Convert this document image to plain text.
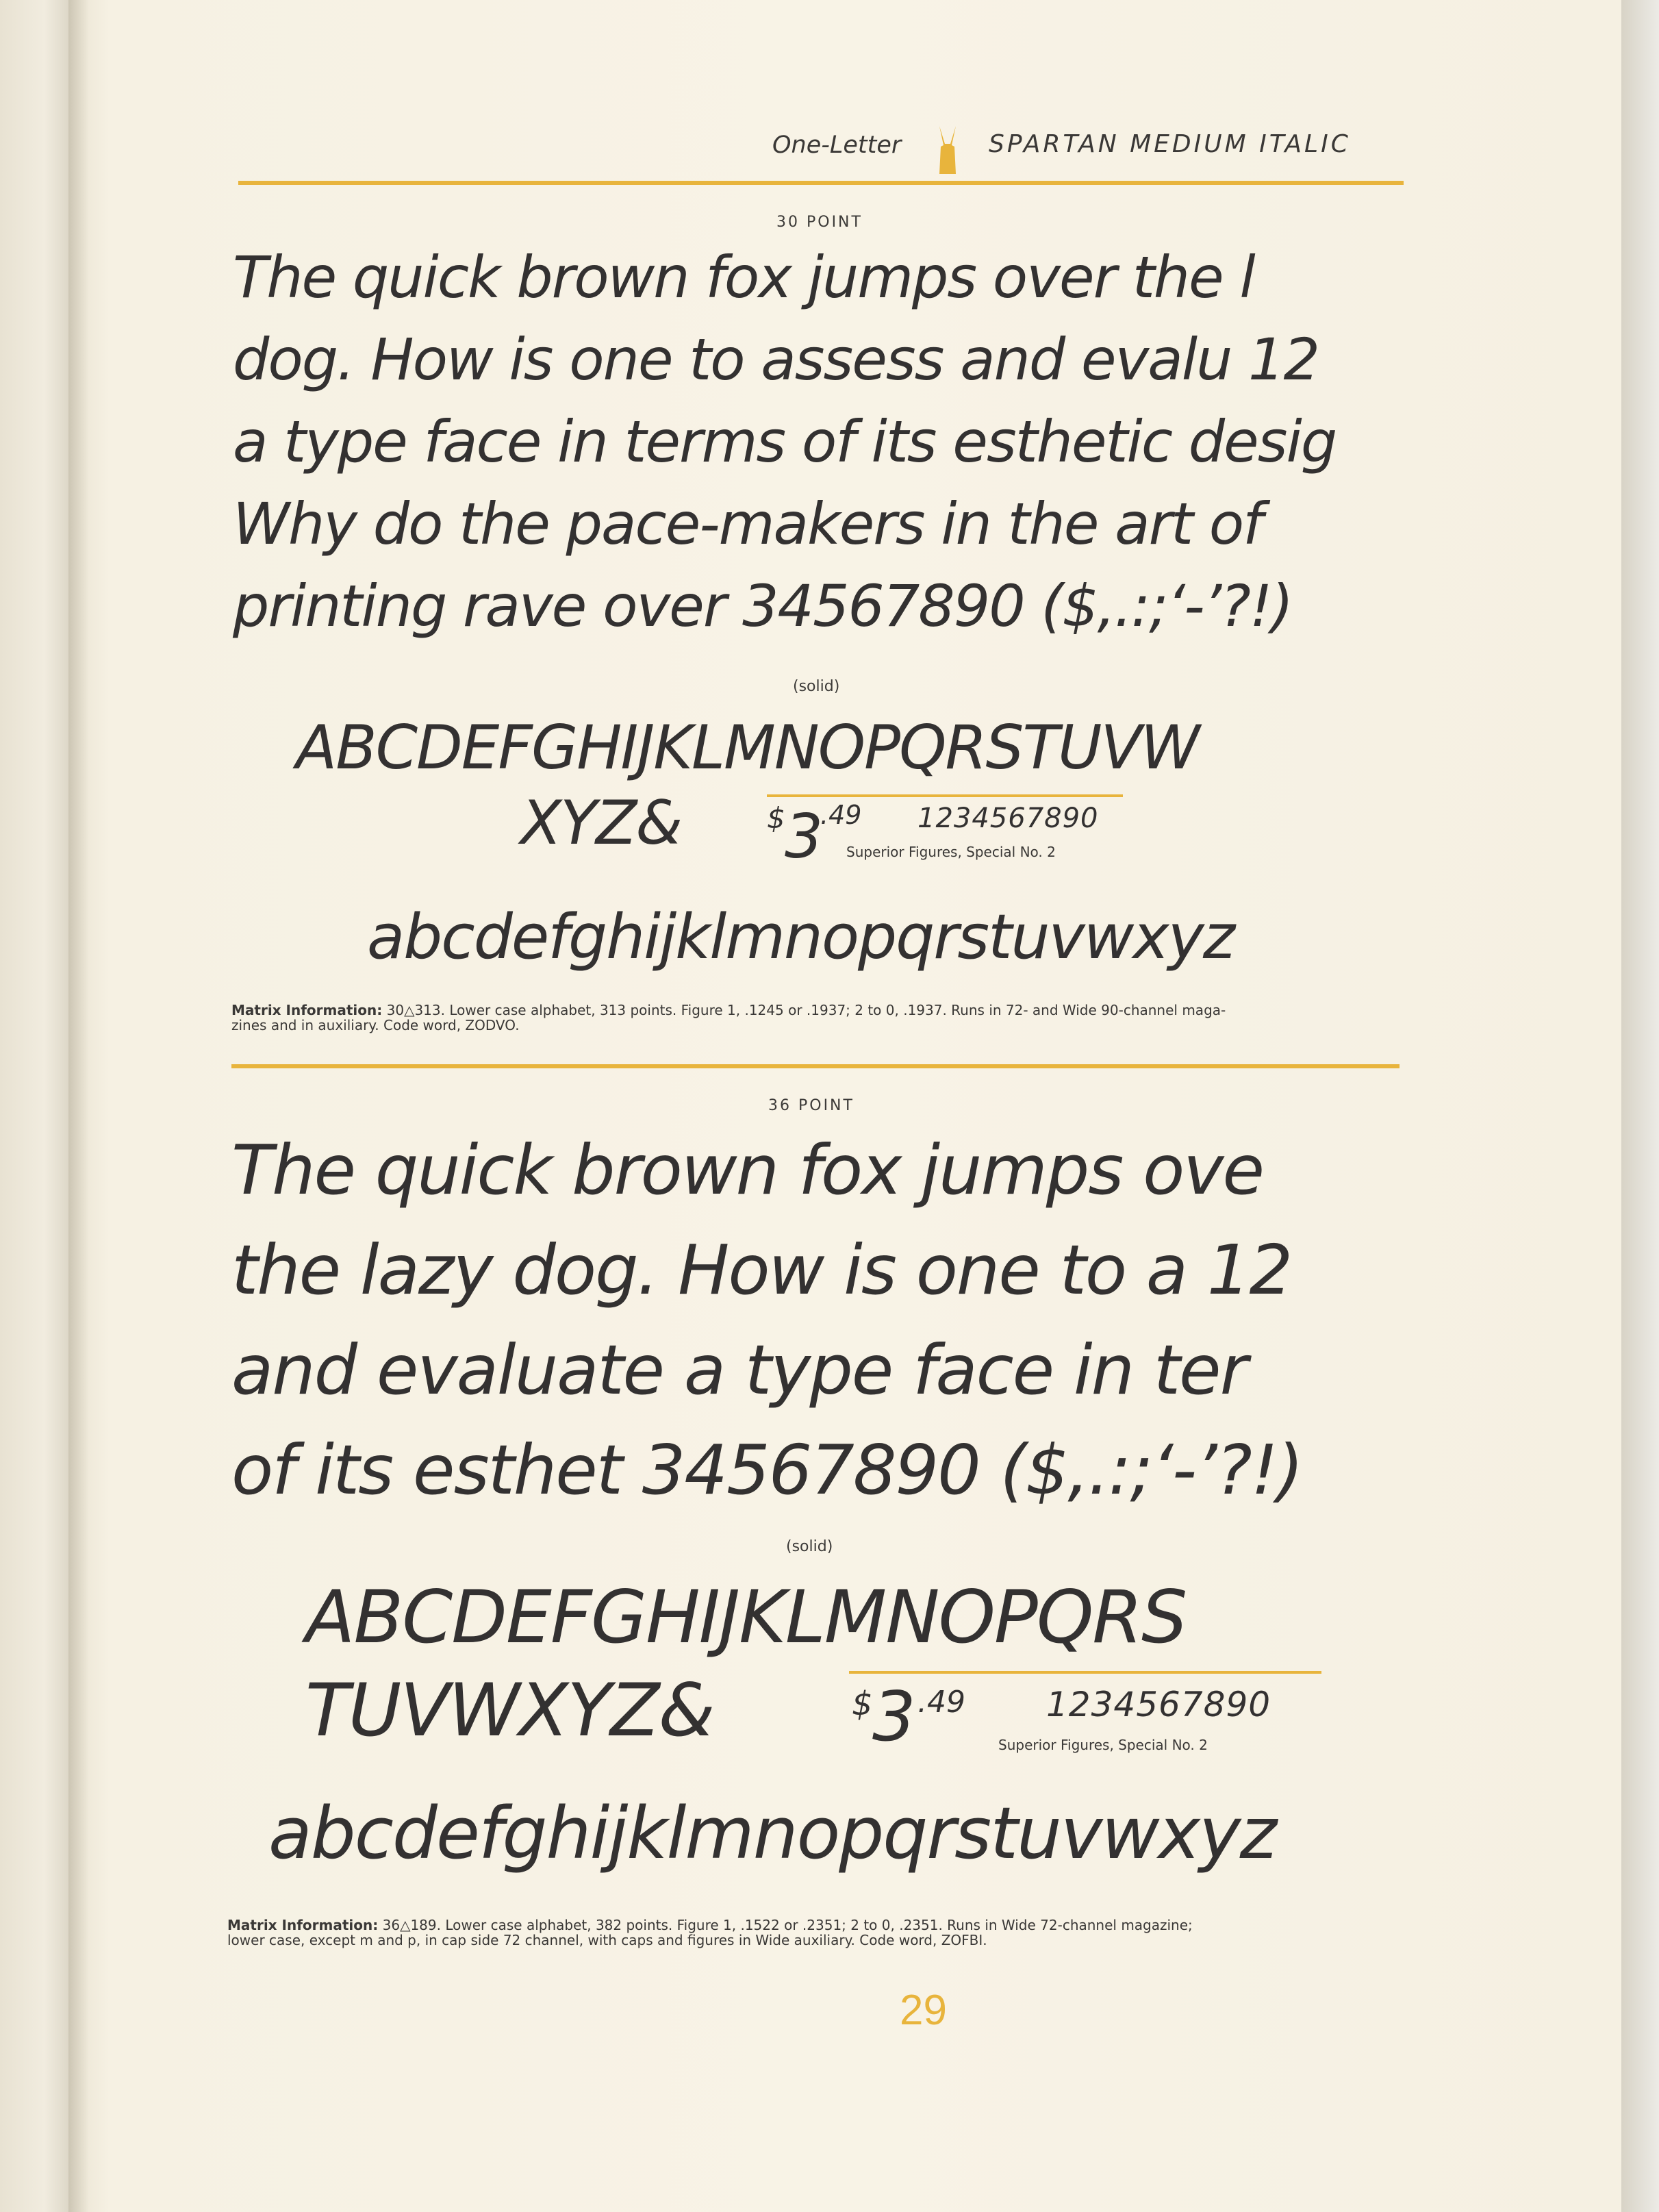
One-Letter	SPARTAN MEDIUM ITALIC
30 POINT
The quick brown fox jumps over the l
dog. How is one to assess and evalu 12
a type face in terms of its esthetic desig
Why do the pace-makers in the art of
printing rave over 34567890 ($,.:;‘-’?!)
(solid)
ABCDEFGHIJKLMNOPQRSTUVW
XYZ&	$ 3
.49 1234567890
Superior Figures, Special No. 2
abcdefghijklmnopqrstuvwxyz
Matrix Information: 30△313. Lower case alphabet, 313 points. Figure 1, .1245 or .1937; 2 to 0, .1937. Runs in 72- and Wide 90-channel maga-
zines and in auxiliary. Code word, ZODVO.
36 POINT
The quick brown fox jumps ove
the lazy dog. How is one to a 12
and evaluate a type face in ter
of its esthet 34567890 ($,.:;‘-’?!)
(solid)
ABCDEFGHIJKLMNOPQRS
TUVWXYZ&	$ 3 .49 1234567890
Superior Figures, Special No. 2
abcdefghijklmnopqrstuvwxyz
Matrix Information: 36△189. Lower case alphabet, 382 points. Figure 1, .1522 or .2351; 2 to 0, .2351. Runs in Wide 72-channel magazine;
lower case, except m and p, in cap side 72 channel, with caps and figures in Wide auxiliary. Code word, ZOFBI.
29
